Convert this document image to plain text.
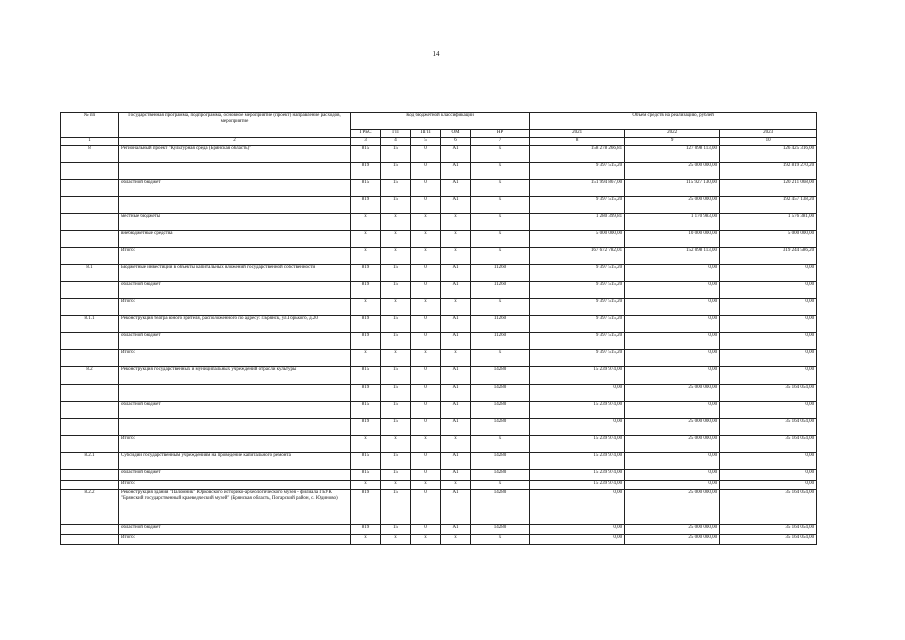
14
№ пп	Государственная программа, подпрограмма, основное мероприятие (проект) направление расходов, мероприятие	Код бюджетной классификации					Объем средств на реализацию, рублей		
		ГРБС	ГП	ПГП	ОМ	НР	2021	2022	2023
1	2	3	4	5	6	7	8	9	10
8	Региональный проект "Культурная среда (Брянская область)"	815	15	0	A1	x	158 278 266,81	127 098 113,00	126 425 316,00
		819	15	0	A1	x	9 397 515,20	25 000 000,00	192 819 270,20
	областной бюджет	815	15	0	A1	x	151 994 867,00	115 927 130,00	120 211 068,00
		819	15	0	A1	x	9 397 515,20	25 000 000,00	192 457 138,20
	местные бюджеты	x	x	x	x	x	1 280 399,81	1 170 983,00	1 576 381,00
	внебюджетные средства	x	x	x	x	x	5 000 000,00	10 000 000,00	5 000 000,00
	Итого:	x	x	x	x	x	167 672 782,01	152 098 113,00	319 244 586,20
8.1	Бюджетные инвестиции в объекты капитальных вложений государственной собственности	819	15	0	A1	11260	9 397 515,20	0,00	0,00
	областной бюджет	819	15	0	A1	11260	9 397 515,20	0,00	0,00
	Итого:	x	x	x	x	x	9 397 515,20	0,00	0,00
8.1.1	Реконструкция театра юного зрителя, расположенного по адресу: г.Брянск, ул.Горького, д.20	819	15	0	A1	11260	9 397 515,20	0,00	0,00
	областной бюджет	819	15	0	A1	11260	9 397 515,20	0,00	0,00
	Итого:	x	x	x	x	x	9 397 515,20	0,00	0,00
8.2	Реконструкция государственных и муниципальных учреждений отрасли культуры	815	15	0	A1	14280	15 239 974,00	0,00	0,00
		819	15	0	A1	14280	0,00	25 000 000,00	35 164 054,00
	областной бюджет	815	15	0	A1	14280	15 239 974,00	0,00	0,00
		819	15	0	A1	14280	0,00	25 000 000,00	35 164 054,00
	Итого:	x	x	x	x	x	15 239 974,00	25 000 000,00	35 164 054,00
8.2.1	Субсидии государственным учреждениям на проведение капитального ремонта	815	15	0	A1	14280	15 239 974,00	0,00	0,00
	областной бюджет	815	15	0	A1	14280	15 239 974,00	0,00	0,00
	Итого:	x	x	x	x	x	15 239 974,00	0,00	0,00
8.2.2	Реконструкция здания "Паломник" Юрковского историко-археологического музея - филиала ГБУК "Брянский государственный краеведческий музей" (Брянская область, Погарский район, с. Юдиново)	819	15	0	A1	14280	0,00	25 000 000,00	35 164 054,00
	областной бюджет	819	15	0	A1	14280	0,00	25 000 000,00	35 164 054,00
	Итого:	x	x	x	x	x	0,00	25 000 000,00	35 164 054,00
